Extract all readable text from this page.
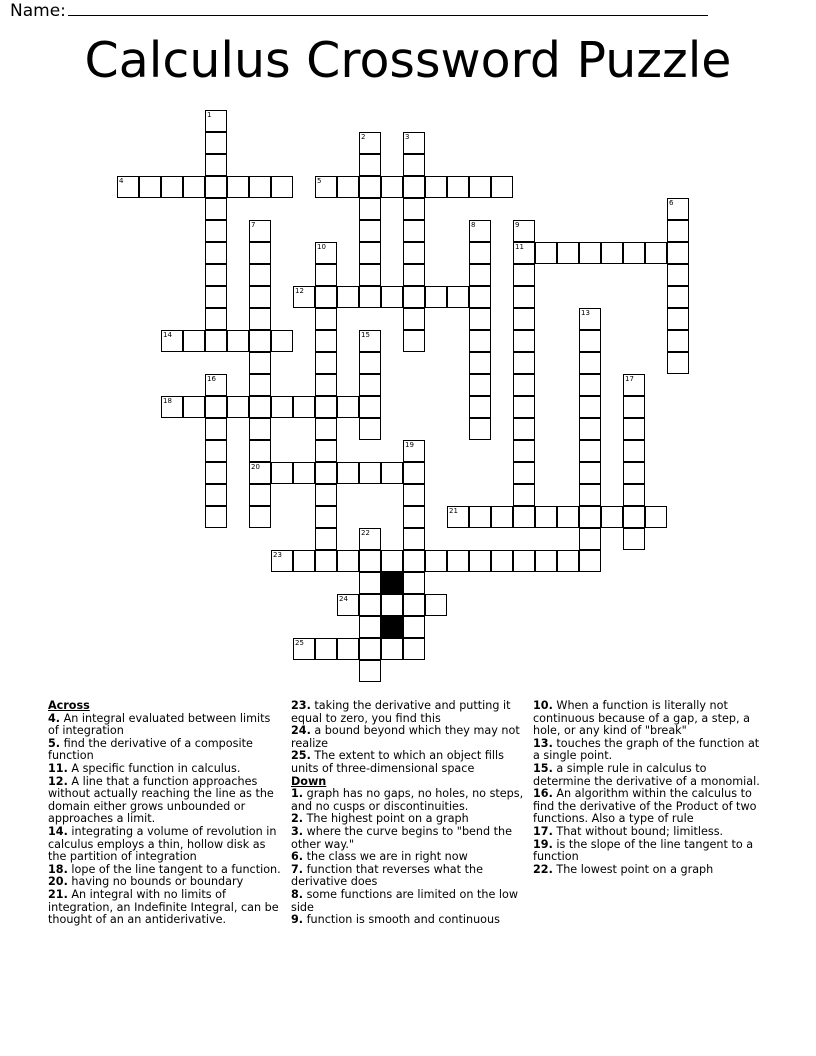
Name:
Calculus Crossword Puzzle
4	5
11
12
14
18
20
21
23
24
25
1
2	3
6
7	8	9
10
13
15
16	17
19
22
Across
4. An integral evaluated between limits of integration
5. find the derivative of a composite function
11. A specific function in calculus.
12. A line that a function approaches without actually reaching the line as the domain either grows unbounded or approaches a limit.
14. integrating a volume of revolution in calculus employs a thin, hollow disk as the partition of integration
18. lope of the line tangent to a function.
20. having no bounds or boundary
21. An integral with no limits of integration, an Indefinite Integral, can be thought of an an antiderivative.
23. taking the derivative and putting it equal to zero, you find this
24. a bound beyond which they may not realize
25. The extent to which an object fills units of three-dimensional space
Down
1. graph has no gaps, no holes, no steps, and no cusps or discontinuities.
2. The highest point on a graph
3. where the curve begins to "bend the other way."
6. the class we are in right now
7. function that reverses what the derivative does
8. some functions are limited on the low side
9. function is smooth and continuous
10. When a function is literally not continuous because of a gap, a step, a hole, or any kind of "break"
13. touches the graph of the function at a single point.
15. a simple rule in calculus to determine the derivative of a monomial.
16. An algorithm within the calculus to find the derivative of the Product of two functions. Also a type of rule
17. That without bound; limitless.
19. is the slope of the line tangent to a function
22. The lowest point on a graph
